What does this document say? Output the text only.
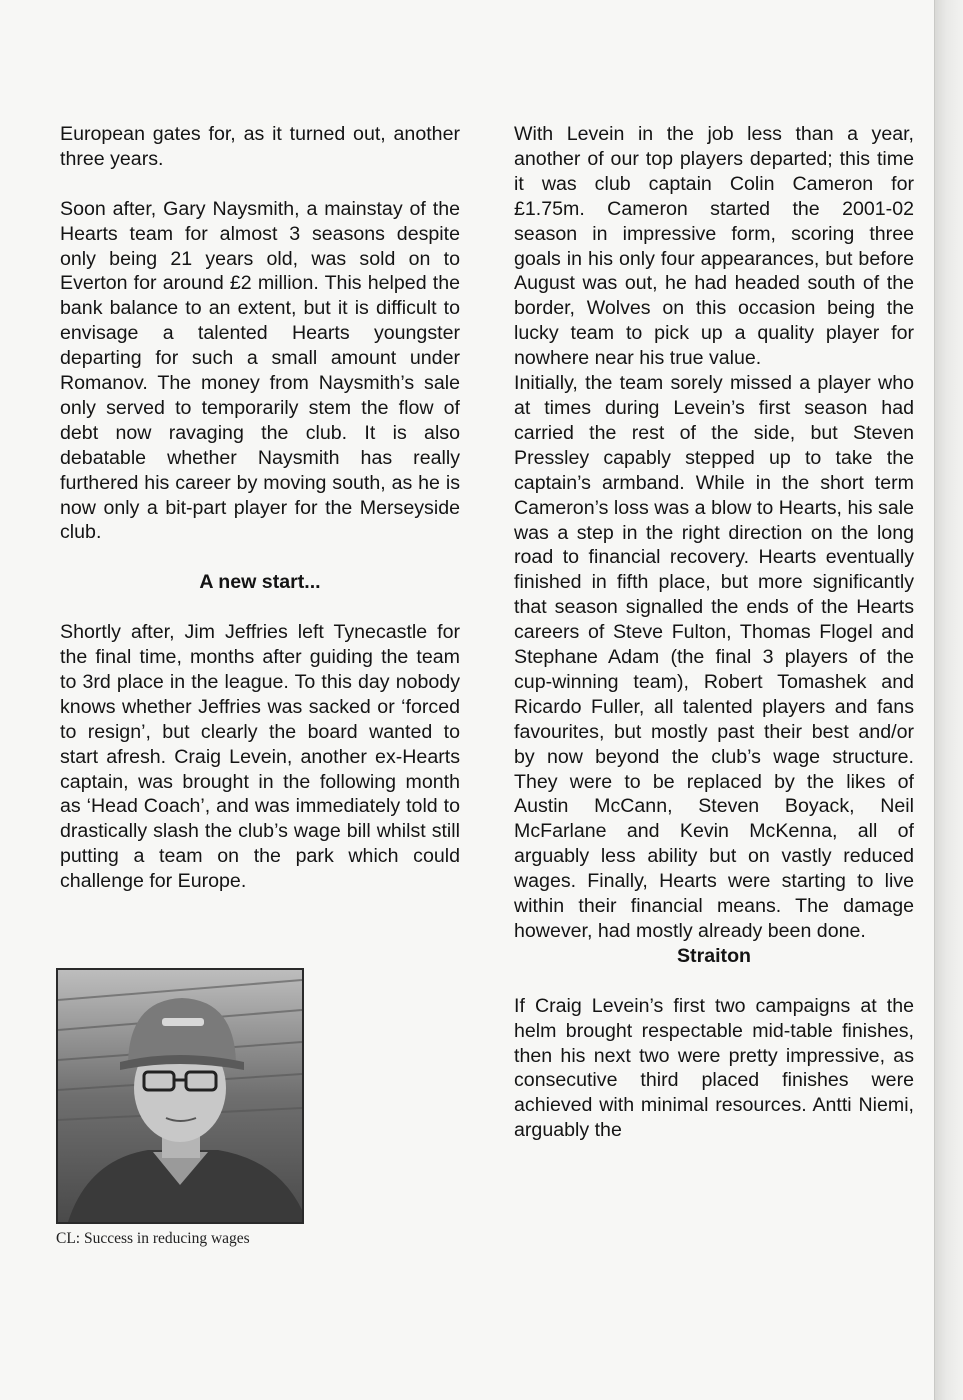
European gates for, as it turned out, another three years.

Soon after, Gary Naysmith, a mainstay of the Hearts team for almost 3 seasons despite only being 21 years old, was sold on to Everton for around £2 million. This helped the bank balance to an extent, but it is difficult to envisage a talented Hearts youngster departing for such a small amount under Romanov. The money from Naysmith’s sale only served to temporarily stem the flow of debt now ravaging the club. It is also debatable whether Naysmith has really furthered his career by moving south, as he is now only a bit-part player for the Merseyside club.

A new start...

Shortly after, Jim Jeffries left Tynecastle for the final time, months after guiding the team to 3rd place in the league. To this day nobody knows whether Jeffries was sacked or ‘forced to resign’, but clearly the board wanted to start afresh. Craig Levein, another ex-Hearts captain, was brought in the following month as ‘Head Coach’, and was immediately told to drastically slash the club’s wage bill whilst still putting a team on the park which could challenge for Europe.

CL: Success in reducing wages

With Levein in the job less than a year, another of our top players departed; this time it was club captain Colin Cameron for £1.75m. Cameron started the 2001-02 season in impressive form, scoring three goals in his only four appearances, but before August was out, he had headed south of the border, Wolves on this occasion being the lucky team to pick up a quality player for nowhere near his true value.

Initially, the team sorely missed a player who at times during Levein’s first season had carried the rest of the side, but Steven Pressley capably stepped up to take the captain’s armband. While in the short term Cameron’s loss was a blow to Hearts, his sale was a step in the right direction on the long road to financial recovery. Hearts eventually finished in fifth place, but more significantly that season signalled the ends of the Hearts careers of Steve Fulton, Thomas Flogel and Stephane Adam (the final 3 players of the cup-winning team), Robert Tomashek and Ricardo Fuller, all talented players and fans favourites, but mostly past their best and/or by now beyond the club’s wage structure. They were to be replaced by the likes of Austin McCann, Steven Boyack, Neil McFarlane and Kevin McKenna, all of arguably less ability but on vastly reduced wages. Finally, Hearts were starting to live within their financial means. The damage however, had mostly already been done.

Straiton

If Craig Levein’s first two campaigns at the helm brought respectable mid-table finishes, then his next two were pretty impressive, as consecutive third placed finishes were achieved with minimal resources. Antti Niemi, arguably the
